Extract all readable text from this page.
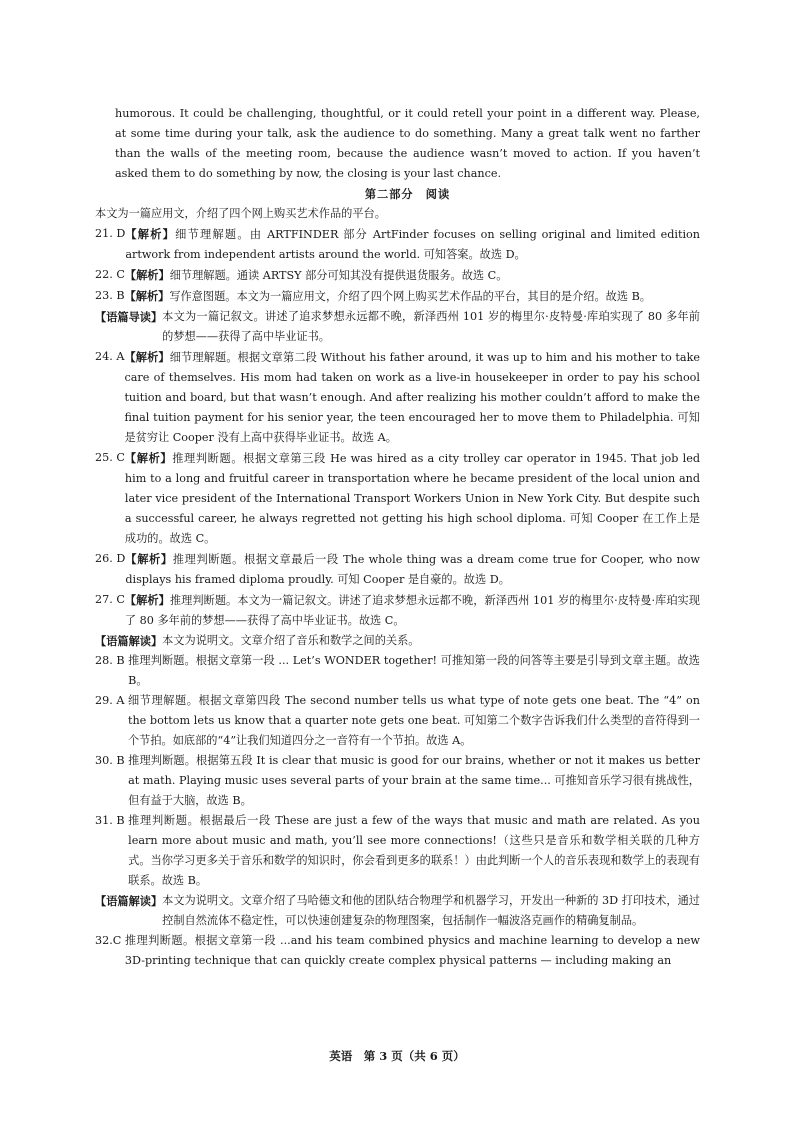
humorous. It could be challenging, thoughtful, or it could retell your point in a different way. Please, at some time during your talk, ask the audience to do something. Many a great talk went no farther than the walls of the meeting room, because the audience wasn’t moved to action. If you haven’t asked them to do something by now, the closing is your last chance.

第二部分　阅读

本文为一篇应用文，介绍了四个网上购买艺术作品的平台。

21. D 【解析】细节理解题。由 ARTFINDER 部分 ArtFinder focuses on selling original and limited edition artwork from independent artists around the world. 可知答案。故选 D。
22. C 【解析】细节理解题。通读 ARTSY 部分可知其没有提供退货服务。故选 C。
23. B 【解析】写作意图题。本文为一篇应用文，介绍了四个网上购买艺术作品的平台，其目的是介绍。故选 B。
【语篇导读】 本文为一篇记叙文。讲述了追求梦想永远都不晚，新泽西州 101 岁的梅里尔·皮特曼·库珀实现了 80 多年前的梦想——获得了高中毕业证书。
24. A 【解析】细节理解题。根据文章第二段 Without his father around, it was up to him and his mother to take care of themselves. His mom had taken on work as a live-in housekeeper in order to pay his school tuition and board, but that wasn’t enough. And after realizing his mother couldn’t afford to make the final tuition payment for his senior year, the teen encouraged her to move them to Philadelphia. 可知是贫穷让 Cooper 没有上高中获得毕业证书。故选 A。
25. C 【解析】推理判断题。根据文章第三段 He was hired as a city trolley car operator in 1945. That job led him to a long and fruitful career in transportation where he became president of the local union and later vice president of the International Transport Workers Union in New York City. But despite such a successful career, he always regretted not getting his high school diploma. 可知 Cooper 在工作上是成功的。故选 C。
26. D 【解析】推理判断题。根据文章最后一段 The whole thing was a dream come true for Cooper, who now displays his framed diploma proudly. 可知 Cooper 是自豪的。故选 D。
27. C 【解析】推理判断题。本文为一篇记叙文。讲述了追求梦想永远都不晚，新泽西州 101 岁的梅里尔·皮特曼·库珀实现了 80 多年前的梦想——获得了高中毕业证书。故选 C。
【语篇解读】 本文为说明文。文章介绍了音乐和数学之间的关系。
28. B 推理判断题。根据文章第一段 ... Let’s WONDER together! 可推知第一段的问答等主要是引导到文章主题。故选 B。
29. A 细节理解题。根据文章第四段 The second number tells us what type of note gets one beat. The “4” on the bottom lets us know that a quarter note gets one beat. 可知第二个数字告诉我们什么类型的音符得到一个节拍。如底部的“4”让我们知道四分之一音符有一个节拍。故选 A。
30. B 推理判断题。根据第五段 It is clear that music is good for our brains, whether or not it makes us better at math. Playing music uses several parts of your brain at the same time... 可推知音乐学习很有挑战性，但有益于大脑，故选 B。
31. B 推理判断题。根据最后一段 These are just a few of the ways that music and math are related. As you learn more about music and math, you’ll see more connections!（这些只是音乐和数学相关联的几种方式。当你学习更多关于音乐和数学的知识时，你会看到更多的联系！）由此判断一个人的音乐表现和数学上的表现有联系。故选 B。
【语篇解读】 本文为说明文。文章介绍了马哈德文和他的团队结合物理学和机器学习，开发出一种新的 3D 打印技术，通过控制自然流体不稳定性，可以快速创建复杂的物理图案，包括制作一幅波洛克画作的精确复制品。
32.C 推理判断题。根据文章第一段 ...and his team combined physics and machine learning to develop a new 3D-printing technique that can quickly create complex physical patterns — including making an
英语　第 3 页（共 6 页）
